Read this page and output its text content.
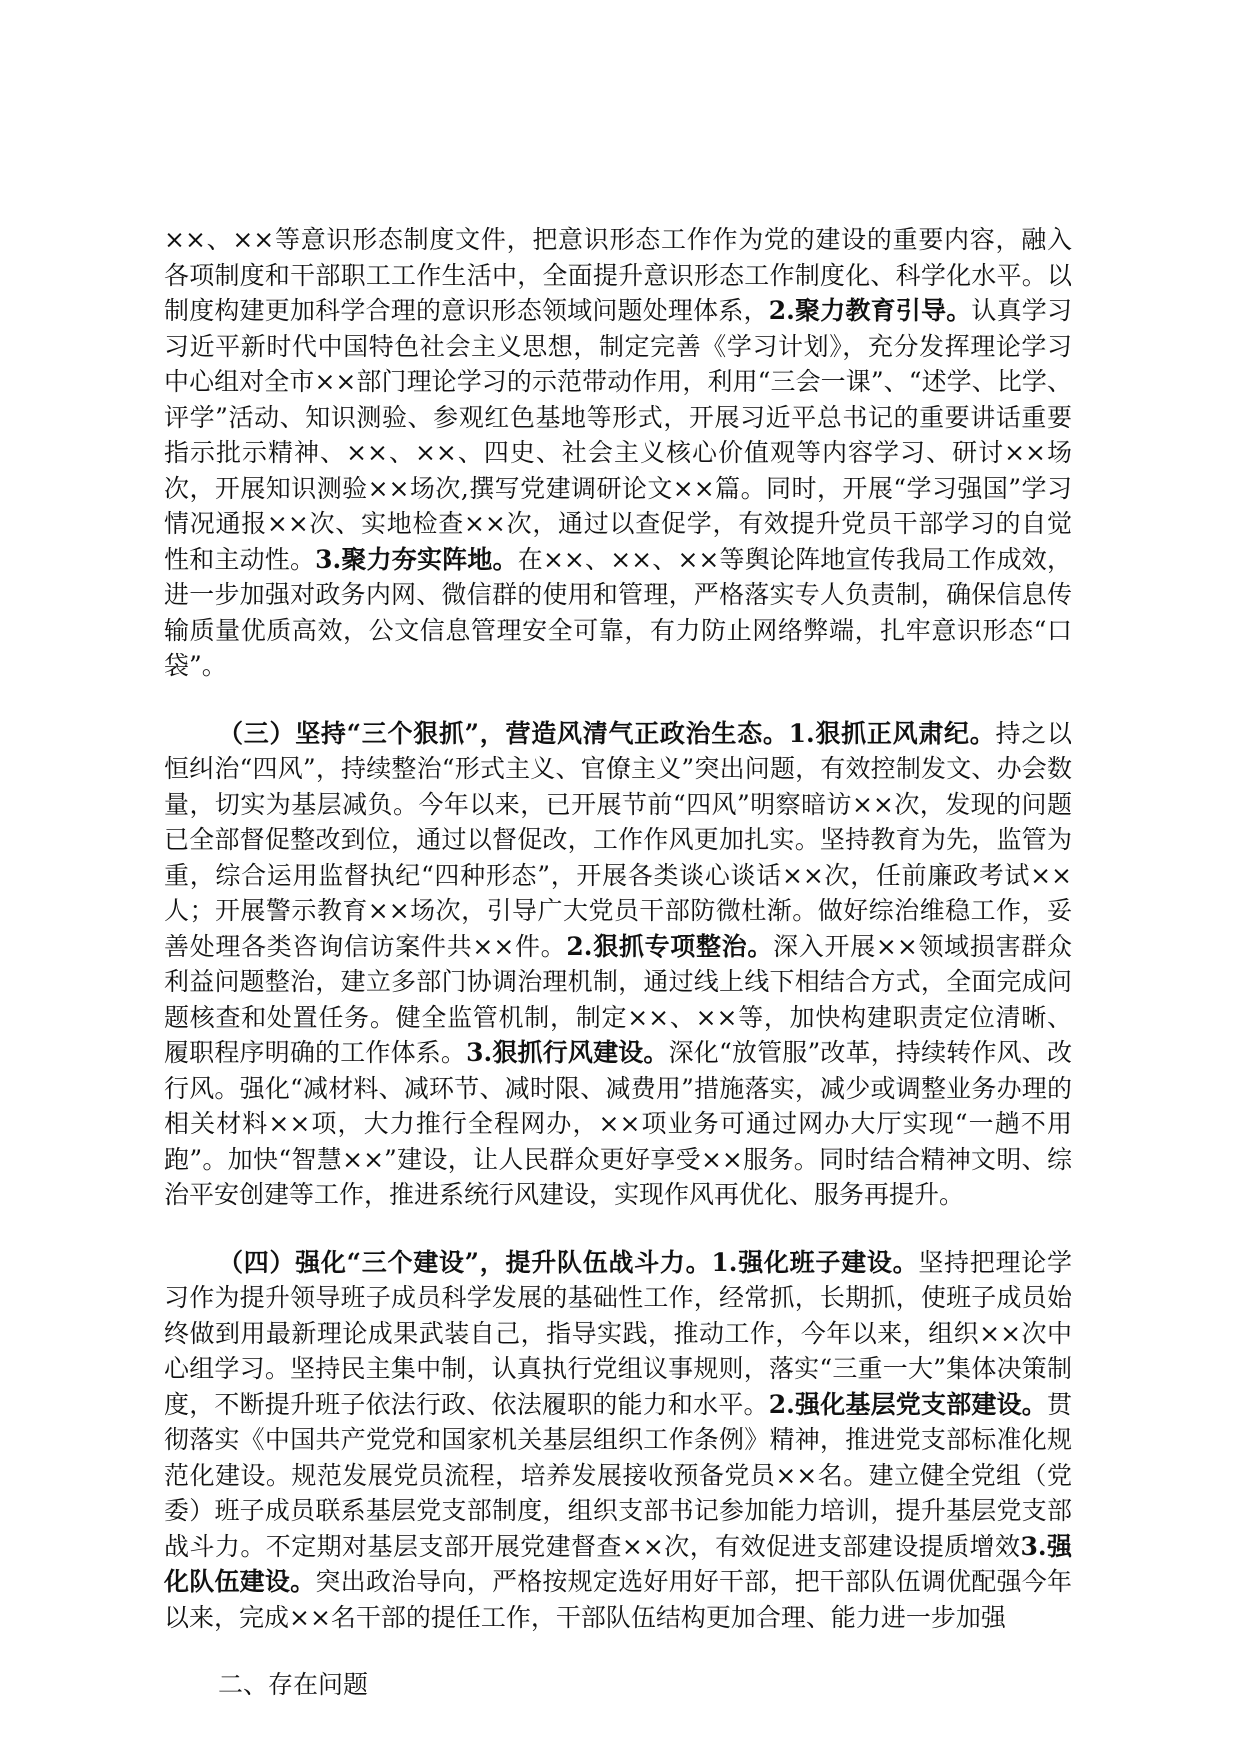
××、××等意识形态制度文件，把意识形态工作作为党的建设的重要内容，融入各项制度和干部职工工作生活中，全面提升意识形态工作制度化、科学化水平。以制度构建更加科学合理的意识形态领域问题处理体系，2.聚力教育引导。认真学习习近平新时代中国特色社会主义思想，制定完善《学习计划》，充分发挥理论学习中心组对全市××部门理论学习的示范带动作用，利用“三会一课”、“述学、比学、评学”活动、知识测验、参观红色基地等形式，开展习近平总书记的重要讲话重要指示批示精神、××、××、四史、社会主义核心价值观等内容学习、研讨××场次，开展知识测验××场次,撰写党建调研论文××篇。同时，开展“学习强国”学习情况通报××次、实地检查××次，通过以查促学，有效提升党员干部学习的自觉性和主动性。3.聚力夯实阵地。在××、××、××等舆论阵地宣传我局工作成效，进一步加强对政务内网、微信群的使用和管理，严格落实专人负责制，确保信息传输质量优质高效，公文信息管理安全可靠，有力防止网络弊端，扎牢意识形态“口袋”。

（三）坚持“三个狠抓”，营造风清气正政治生态。1.狠抓正风肃纪。持之以恒纠治“四风”，持续整治“形式主义、官僚主义”突出问题，有效控制发文、办会数量，切实为基层减负。今年以来，已开展节前“四风”明察暗访××次，发现的问题已全部督促整改到位，通过以督促改，工作作风更加扎实。坚持教育为先，监管为重，综合运用监督执纪“四种形态”，开展各类谈心谈话××次，任前廉政考试××人；开展警示教育××场次，引导广大党员干部防微杜渐。做好综治维稳工作，妥善处理各类咨询信访案件共××件。2.狠抓专项整治。深入开展××领域损害群众利益问题整治，建立多部门协调治理机制，通过线上线下相结合方式，全面完成问题核查和处置任务。健全监管机制，制定××、××等，加快构建职责定位清晰、履职程序明确的工作体系。3.狠抓行风建设。深化“放管服”改革，持续转作风、改行风。强化“减材料、减环节、减时限、减费用”措施落实，减少或调整业务办理的相关材料××项，大力推行全程网办，××项业务可通过网办大厅实现“一趟不用跑”。加快“智慧××”建设，让人民群众更好享受××服务。同时结合精神文明、综治平安创建等工作，推进系统行风建设，实现作风再优化、服务再提升。

（四）强化“三个建设”，提升队伍战斗力。1.强化班子建设。坚持把理论学习作为提升领导班子成员科学发展的基础性工作，经常抓，长期抓，使班子成员始终做到用最新理论成果武装自己，指导实践，推动工作，今年以来，组织××次中心组学习。坚持民主集中制，认真执行党组议事规则，落实“三重一大”集体决策制度，不断提升班子依法行政、依法履职的能力和水平。2.强化基层党支部建设。贯彻落实《中国共产党党和国家机关基层组织工作条例》精神，推进党支部标准化规范化建设。规范发展党员流程，培养发展接收预备党员××名。建立健全党组（党委）班子成员联系基层党支部制度，组织支部书记参加能力培训，提升基层党支部战斗力。不定期对基层支部开展党建督查××次，有效促进支部建设提质增效3.强化队伍建设。突出政治导向，严格按规定选好用好干部，把干部队伍调优配强今年以来，完成××名干部的提任工作，干部队伍结构更加合理、能力进一步加强

二、存在问题
